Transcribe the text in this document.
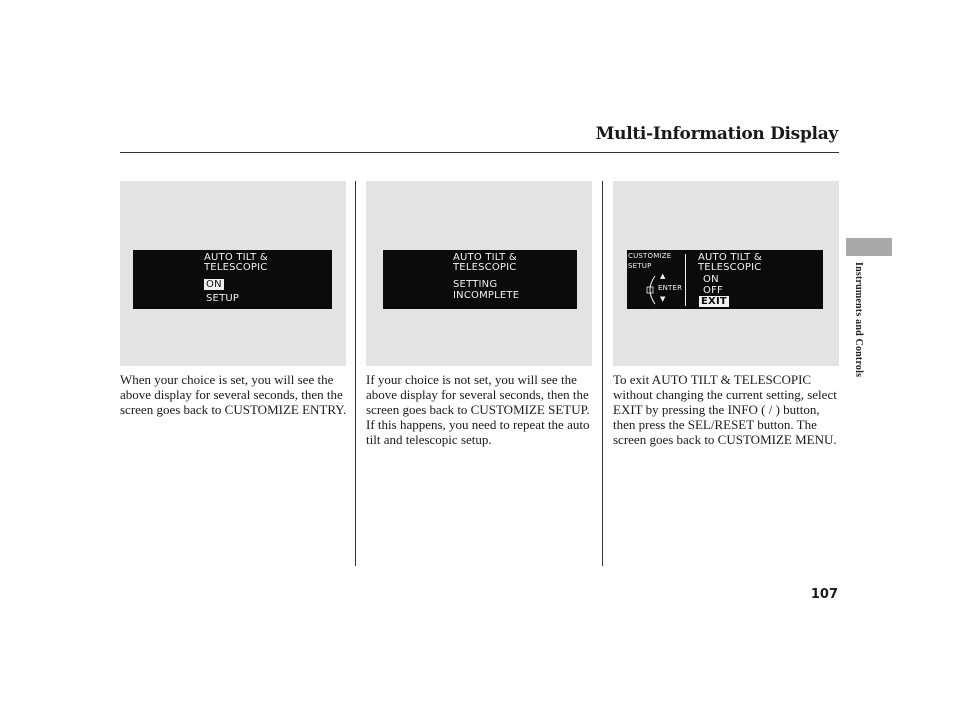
Multi-Information Display
Instruments and Controls
AUTO TILT &
TELESCOPIC
ON
SETUP
When your choice is set, you will see the above display for several seconds, then the screen goes back to CUSTOMIZE ENTRY.
AUTO TILT &
TELESCOPIC
SETTING
INCOMPLETE
If your choice is not set, you will see the above display for several seconds, then the screen goes back to CUSTOMIZE SETUP. If this happens, you need to repeat the auto tilt and telescopic setup.
CUSTOMIZE
SETUP
▲
ENTER
▼
AUTO TILT &
TELESCOPIC
ON
OFF
EXIT
To exit AUTO TILT & TELESCOPIC without changing the current setting, select EXIT by pressing the INFO ( / ) button, then press the SEL/RESET button. The screen goes back to CUSTOMIZE MENU.
107
